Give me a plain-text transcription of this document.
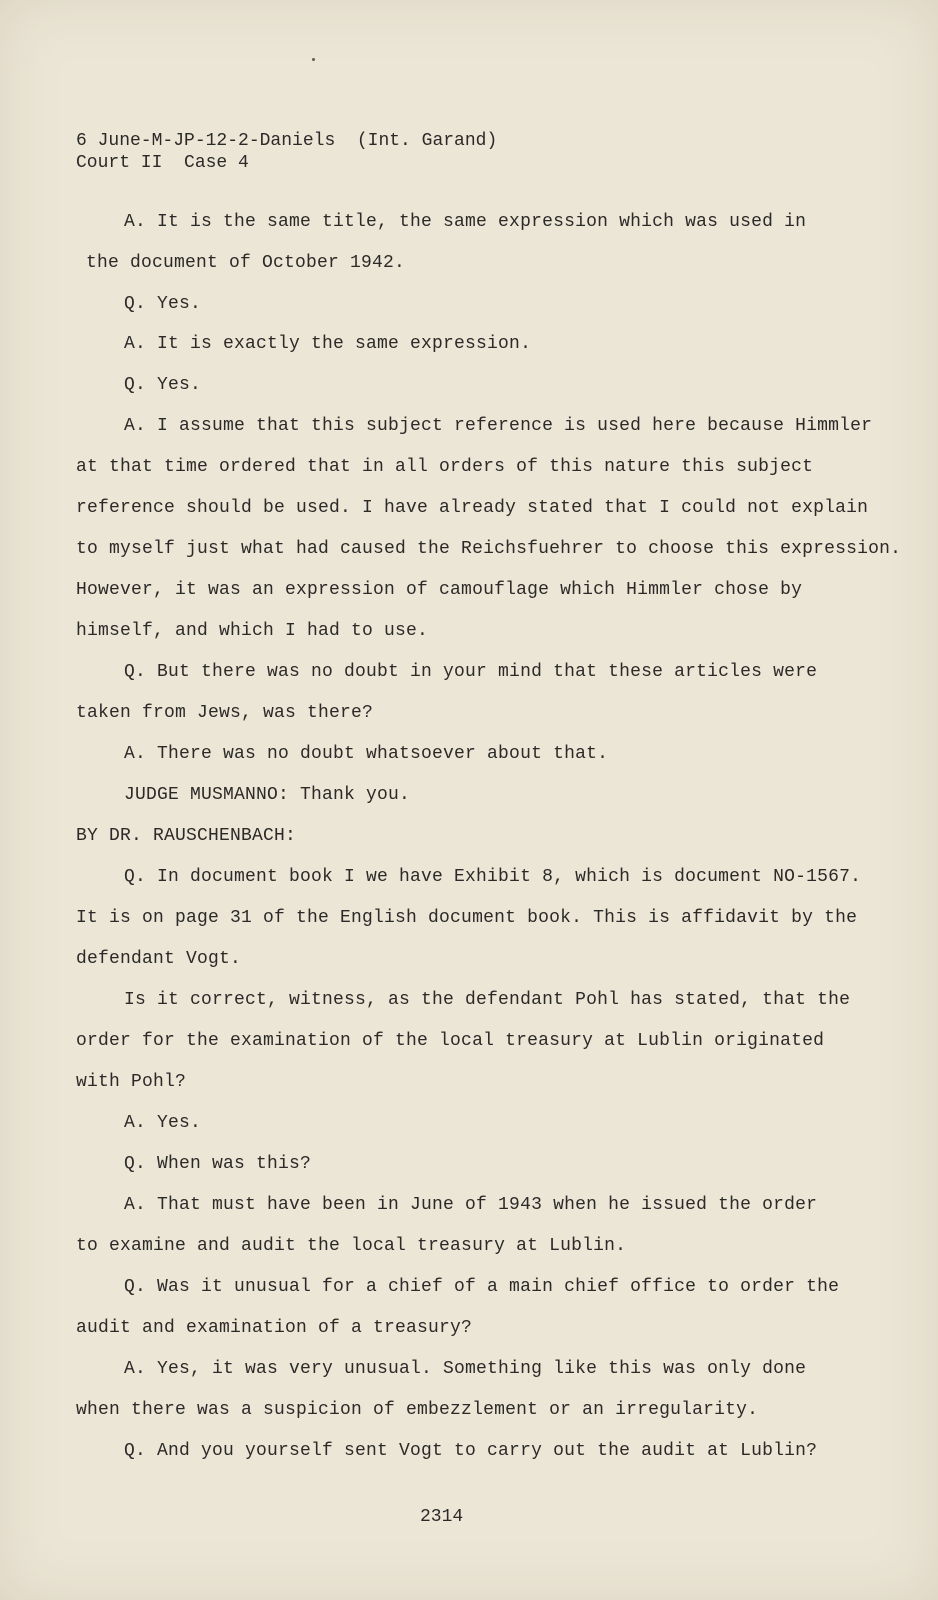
6 June-M-JP-12-2-Daniels  (Int. Garand)
Court II  Case 4
A. It is the same title, the same expression which was used in
the document of October 1942.
Q. Yes.
A. It is exactly the same expression.
Q. Yes.
A. I assume that this subject reference is used here because Himmler
at that time ordered that in all orders of this nature this subject
reference should be used. I have already stated that I could not explain
to myself just what had caused the Reichsfuehrer to choose this expression.
However, it was an expression of camouflage which Himmler chose by
himself, and which I had to use.
Q. But there was no doubt in your mind that these articles were
taken from Jews, was there?
A. There was no doubt whatsoever about that.
JUDGE MUSMANNO: Thank you.
BY DR. RAUSCHENBACH:
Q. In document book I we have Exhibit 8, which is document NO-1567.
It is on page 31 of the English document book. This is affidavit by the
defendant Vogt.
Is it correct, witness, as the defendant Pohl has stated, that the
order for the examination of the local treasury at Lublin originated
with Pohl?
A. Yes.
Q. When was this?
A. That must have been in June of 1943 when he issued the order
to examine and audit the local treasury at Lublin.
Q. Was it unusual for a chief of a main chief office to order the
audit and examination of a treasury?
A. Yes, it was very unusual. Something like this was only done
when there was a suspicion of embezzlement or an irregularity.
Q. And you yourself sent Vogt to carry out the audit at Lublin?
2314
